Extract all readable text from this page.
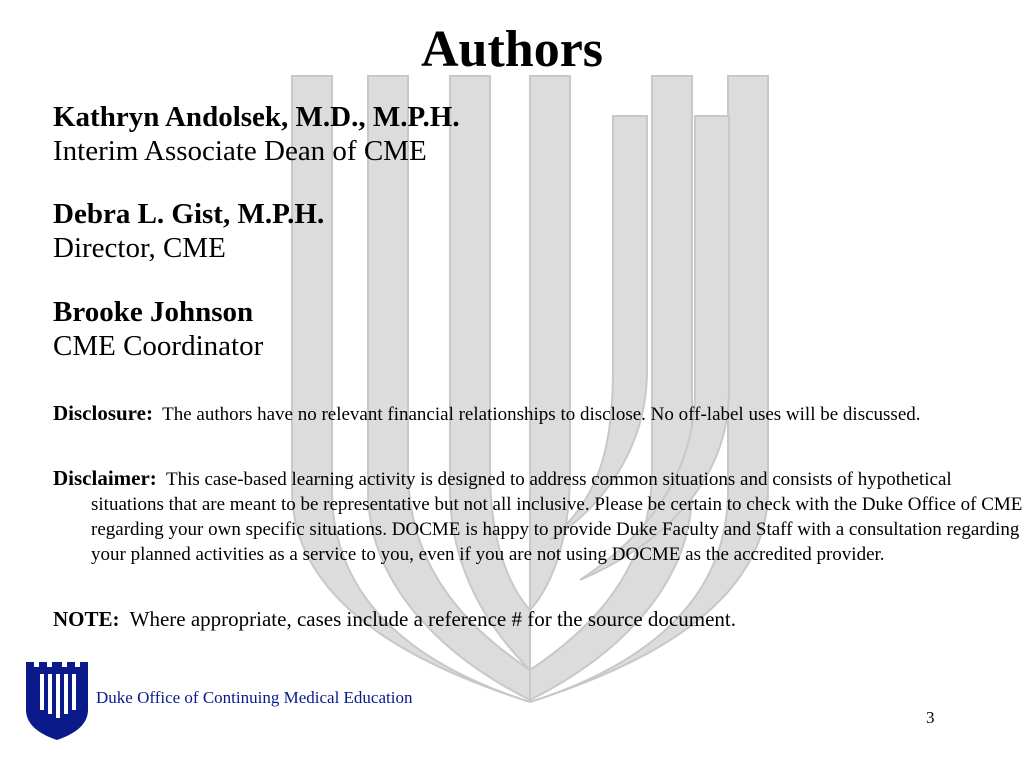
Authors
Kathryn Andolsek, M.D., M.P.H.
Interim Associate Dean of CME
Debra L. Gist, M.P.H.
Director, CME
Brooke Johnson
CME Coordinator
Disclosure: The authors have no relevant financial relationships to disclose. No off-label uses will be discussed.
Disclaimer: This case-based learning activity is designed to address common situations and consists of hypothetical situations that are meant to be representative but not all inclusive. Please be certain to check with the Duke Office of CME regarding your own specific situations. DOCME is happy to provide Duke Faculty and Staff with a consultation regarding your planned activities as a service to you, even if you are not using DOCME as the accredited provider.
NOTE: Where appropriate, cases include a reference # for the source document.
Duke Office of Continuing Medical Education
3
